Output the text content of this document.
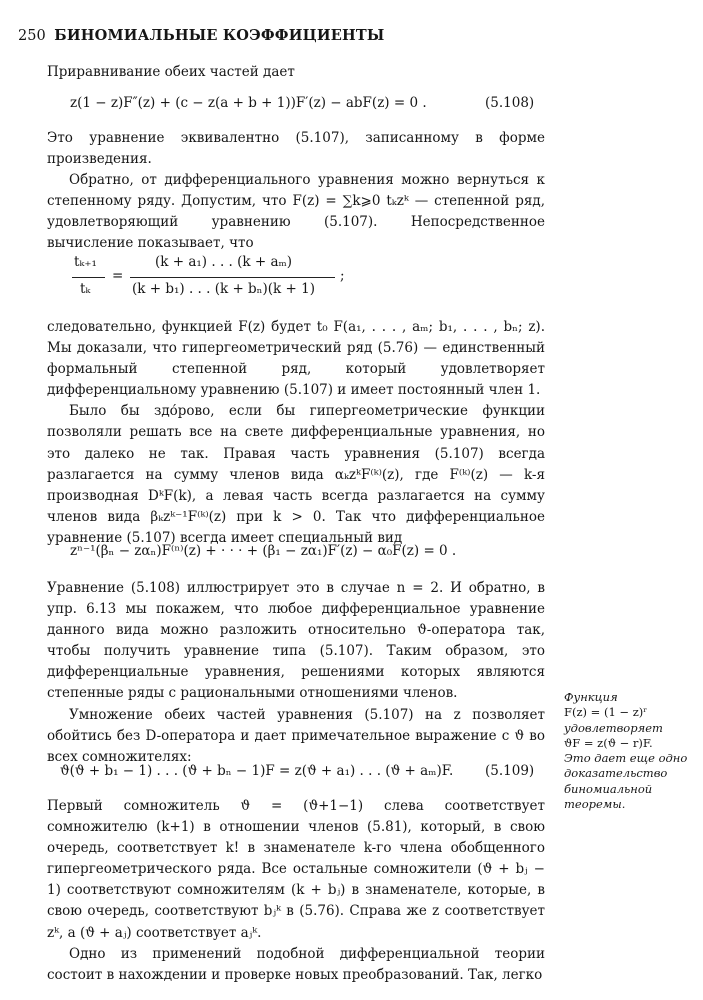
250 БИНОМИАЛЬНЫЕ КОЭФФИЦИЕНТЫ

Приравнивание обеих частей дает

z(1 − z)F″(z) + (c − z(a + b + 1))F′(z) − abF(z) = 0 .	(5.108)

Это уравнение эквивалентно (5.107), записанному в форме произведения.

Обратно, от дифференциального уравнения можно вернуться к степенному ряду. Допустим, что F(z) = ∑k⩾0 tₖzᵏ — степенной ряд, удовлетворяющий уравнению (5.107). Непосредственное вычисление показывает, что

tₖ₊₁
tₖ
=
(k + a₁) . . . (k + aₘ)
(k + b₁) . . . (k + bₙ)(k + 1)
;

следовательно, функцией F(z) будет t₀ F(a₁, . . . , aₘ; b₁, . . . , bₙ; z). Мы доказали, что гипергеометрический ряд (5.76) — единственный формальный степенной ряд, который удовлетворяет дифференциальному уравнению (5.107) и имеет постоянный член 1.

Было бы здо́рово, если бы гипергеометрические функции позволяли решать все на свете дифференциальные уравнения, но это далеко не так. Правая часть уравнения (5.107) всегда разлагается на сумму членов вида αₖzᵏF⁽ᵏ⁾(z), где F⁽ᵏ⁾(z) — k-я производная DᵏF(k), а левая часть всегда разлагается на сумму членов вида βₖzᵏ⁻¹F⁽ᵏ⁾(z) при k > 0. Так что дифференциальное уравнение (5.107) всегда имеет специальный вид

zⁿ⁻¹(βₙ − zαₙ)F⁽ⁿ⁾(z) + · · · + (β₁ − zα₁)F′(z) − α₀F(z) = 0 .

Уравнение (5.108) иллюстрирует это в случае n = 2. И обратно, в упр. 6.13 мы покажем, что любое дифференциальное уравнение данного вида можно разложить относительно ϑ-оператора так, чтобы получить уравнение типа (5.107). Таким образом, это дифференциальные уравнения, решениями которых являются степенные ряды с рациональными отношениями членов.

Умножение обеих частей уравнения (5.107) на z позволяет обойтись без D-оператора и дает примечательное выражение с ϑ во всех сомножителях:

ϑ(ϑ + b₁ − 1) . . . (ϑ + bₙ − 1)F = z(ϑ + a₁) . . . (ϑ + aₘ)F. (5.109)

Первый сомножитель ϑ = (ϑ+1−1) слева соответствует сомножителю (k+1) в отношении членов (5.81), который, в свою очередь, соответствует k! в знаменателе k-го члена обобщенного гипергеометрического ряда. Все остальные сомножители (ϑ + bⱼ − 1) соответствуют сомножителям (k + bⱼ) в знаменателе, которые, в свою очередь, соответствуют bⱼᵏ в (5.76). Справа же z соответствует zᵏ, а (ϑ + aⱼ) соответствует aⱼᵏ.

Одно из применений подобной дифференциальной теории состоит в нахождении и проверке новых преобразований. Так, легко

Функция
F(z) = (1 − z)ʳ
удовлетворяет
ϑF = z(ϑ − r)F.
Это дает еще одно доказательство биномиальной теоремы.
